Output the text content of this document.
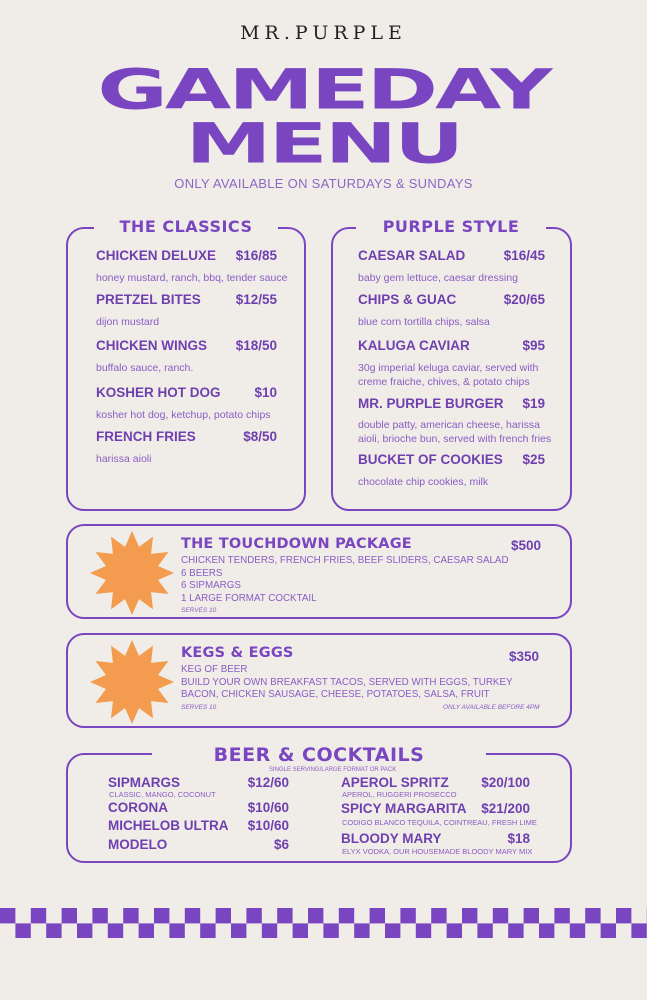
MR.PURPLE
GAMEDAY
MENU
ONLY AVAILABLE ON SATURDAYS & SUNDAYS
THE CLASSICS
CHICKEN DELUXE	$16/85
honey mustard, ranch, bbq, tender sauce
PRETZEL BITES	$12/55
dijon mustard
CHICKEN WINGS	$18/50
buffalo sauce, ranch.
KOSHER HOT DOG	$10
kosher hot dog, ketchup, potato chips
FRENCH FRIES	$8/50
harissa aioli
PURPLE STYLE
CAESAR SALAD	$16/45
baby gem lettuce, caesar dressing
CHIPS & GUAC	$20/65
blue corn tortilla chips, salsa
KALUGA CAVIAR	$95
30g imperial keluga caviar, served with
creme fraiche, chives, & potato chips
MR. PURPLE BURGER	$19
double patty, american cheese, harissa
aioli, brioche bun, served with french fries
BUCKET OF COOKIES	$25
chocolate chip cookies, milk
THE TOUCHDOWN PACKAGE	$500
CHICKEN TENDERS, FRENCH FRIES, BEEF SLIDERS, CAESAR SALAD
6 BEERS
6 SIPMARGS
1 LARGE FORMAT COCKTAIL
SERVES 10
KEGS & EGGS	$350
KEG OF BEER
BUILD YOUR OWN BREAKFAST TACOS, SERVED WITH EGGS, TURKEY
BACON, CHICKEN SAUSAGE, CHEESE, POTATOES, SALSA, FRUIT
SERVES 10	ONLY AVAILABLE BEFORE 4PM
BEER & COCKTAILS
SINGLE SERVING/LARGE FORMAT OR PACK
SIPMARGS	$12/60
CLASSIC, MANGO, COCONUT
CORONA	$10/60
MICHELOB ULTRA	$10/60
MODELO	$6
APEROL SPRITZ	$20/100
APEROL, RUGGERI PROSECCO
SPICY MARGARITA	$21/200
CODIGO BLANCO TEQUILA, COINTREAU, FRESH LIME
BLOODY MARY	$18
ELYX VODKA, OUR HOUSEMADE BLOODY MARY MIX
